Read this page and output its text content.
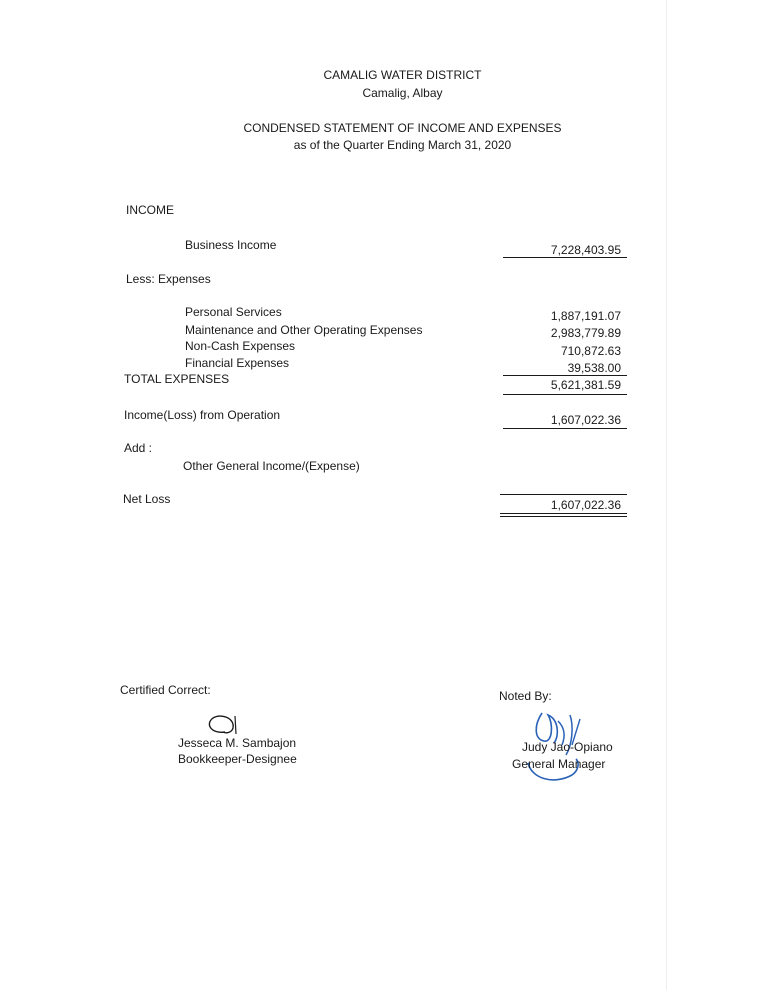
CAMALIG WATER DISTRICT
Camalig, Albay
CONDENSED STATEMENT OF INCOME AND EXPENSES
as of the Quarter Ending March 31, 2020
INCOME
Business Income	7,228,403.95
Less: Expenses
Personal Services	1,887,191.07
Maintenance and Other Operating Expenses	2,983,779.89
Non-Cash Expenses	710,872.63
Financial Expenses	39,538.00
TOTAL EXPENSES	5,621,381.59
Income(Loss) from Operation	1,607,022.36
Add :
Other General Income/(Expense)
Net Loss	1,607,022.36
Certified Correct:
Jesseca M. Sambajon
Bookkeeper-Designee
Noted By:
Judy Jao-Opiano
General Manager
